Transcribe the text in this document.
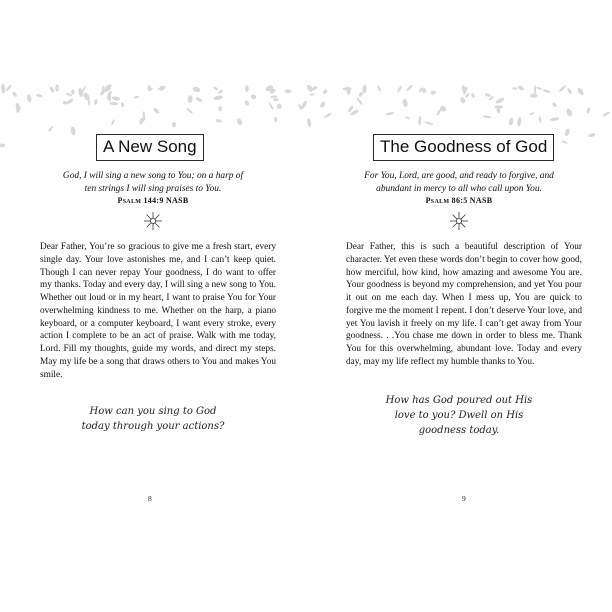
A New Song
God, I will sing a new song to You; on a harp of ten strings I will sing praises to You.
Psalm 144:9 NASB
Dear Father, You’re so gracious to give me a fresh start, every single day. Your love astonishes me, and I can’t keep quiet. Though I can never repay Your goodness, I do want to offer my thanks. Today and every day, I will sing a new song to You. Whether out loud or in my heart, I want to praise You for Your overwhelming kindness to me. Whether on the harp, a piano keyboard, or a computer keyboard, I want every stroke, every action I complete to be an act of praise. Walk with me today, Lord. Fill my thoughts, guide my words, and direct my steps. May my life be a song that draws others to You and makes You smile.
How can you sing to God today through your actions?
8
The Goodness of God
For You, Lord, are good, and ready to forgive, and abundant in mercy to all who call upon You.
Psalm 86:5 NASB
Dear Father, this is such a beautiful description of Your character. Yet even these words don’t begin to cover how good, how merciful, how kind, how amazing and awesome You are. Your goodness is beyond my comprehension, and yet You pour it out on me each day. When I mess up, You are quick to forgive me the moment I repent. I don’t deserve Your love, and yet You lavish it freely on my life. I can’t get away from Your goodness. . .You chase me down in order to bless me. Thank You for this overwhelming, abundant love. Today and every day, may my life reflect my humble thanks to You.
How has God poured out His love to you? Dwell on His goodness today.
9
